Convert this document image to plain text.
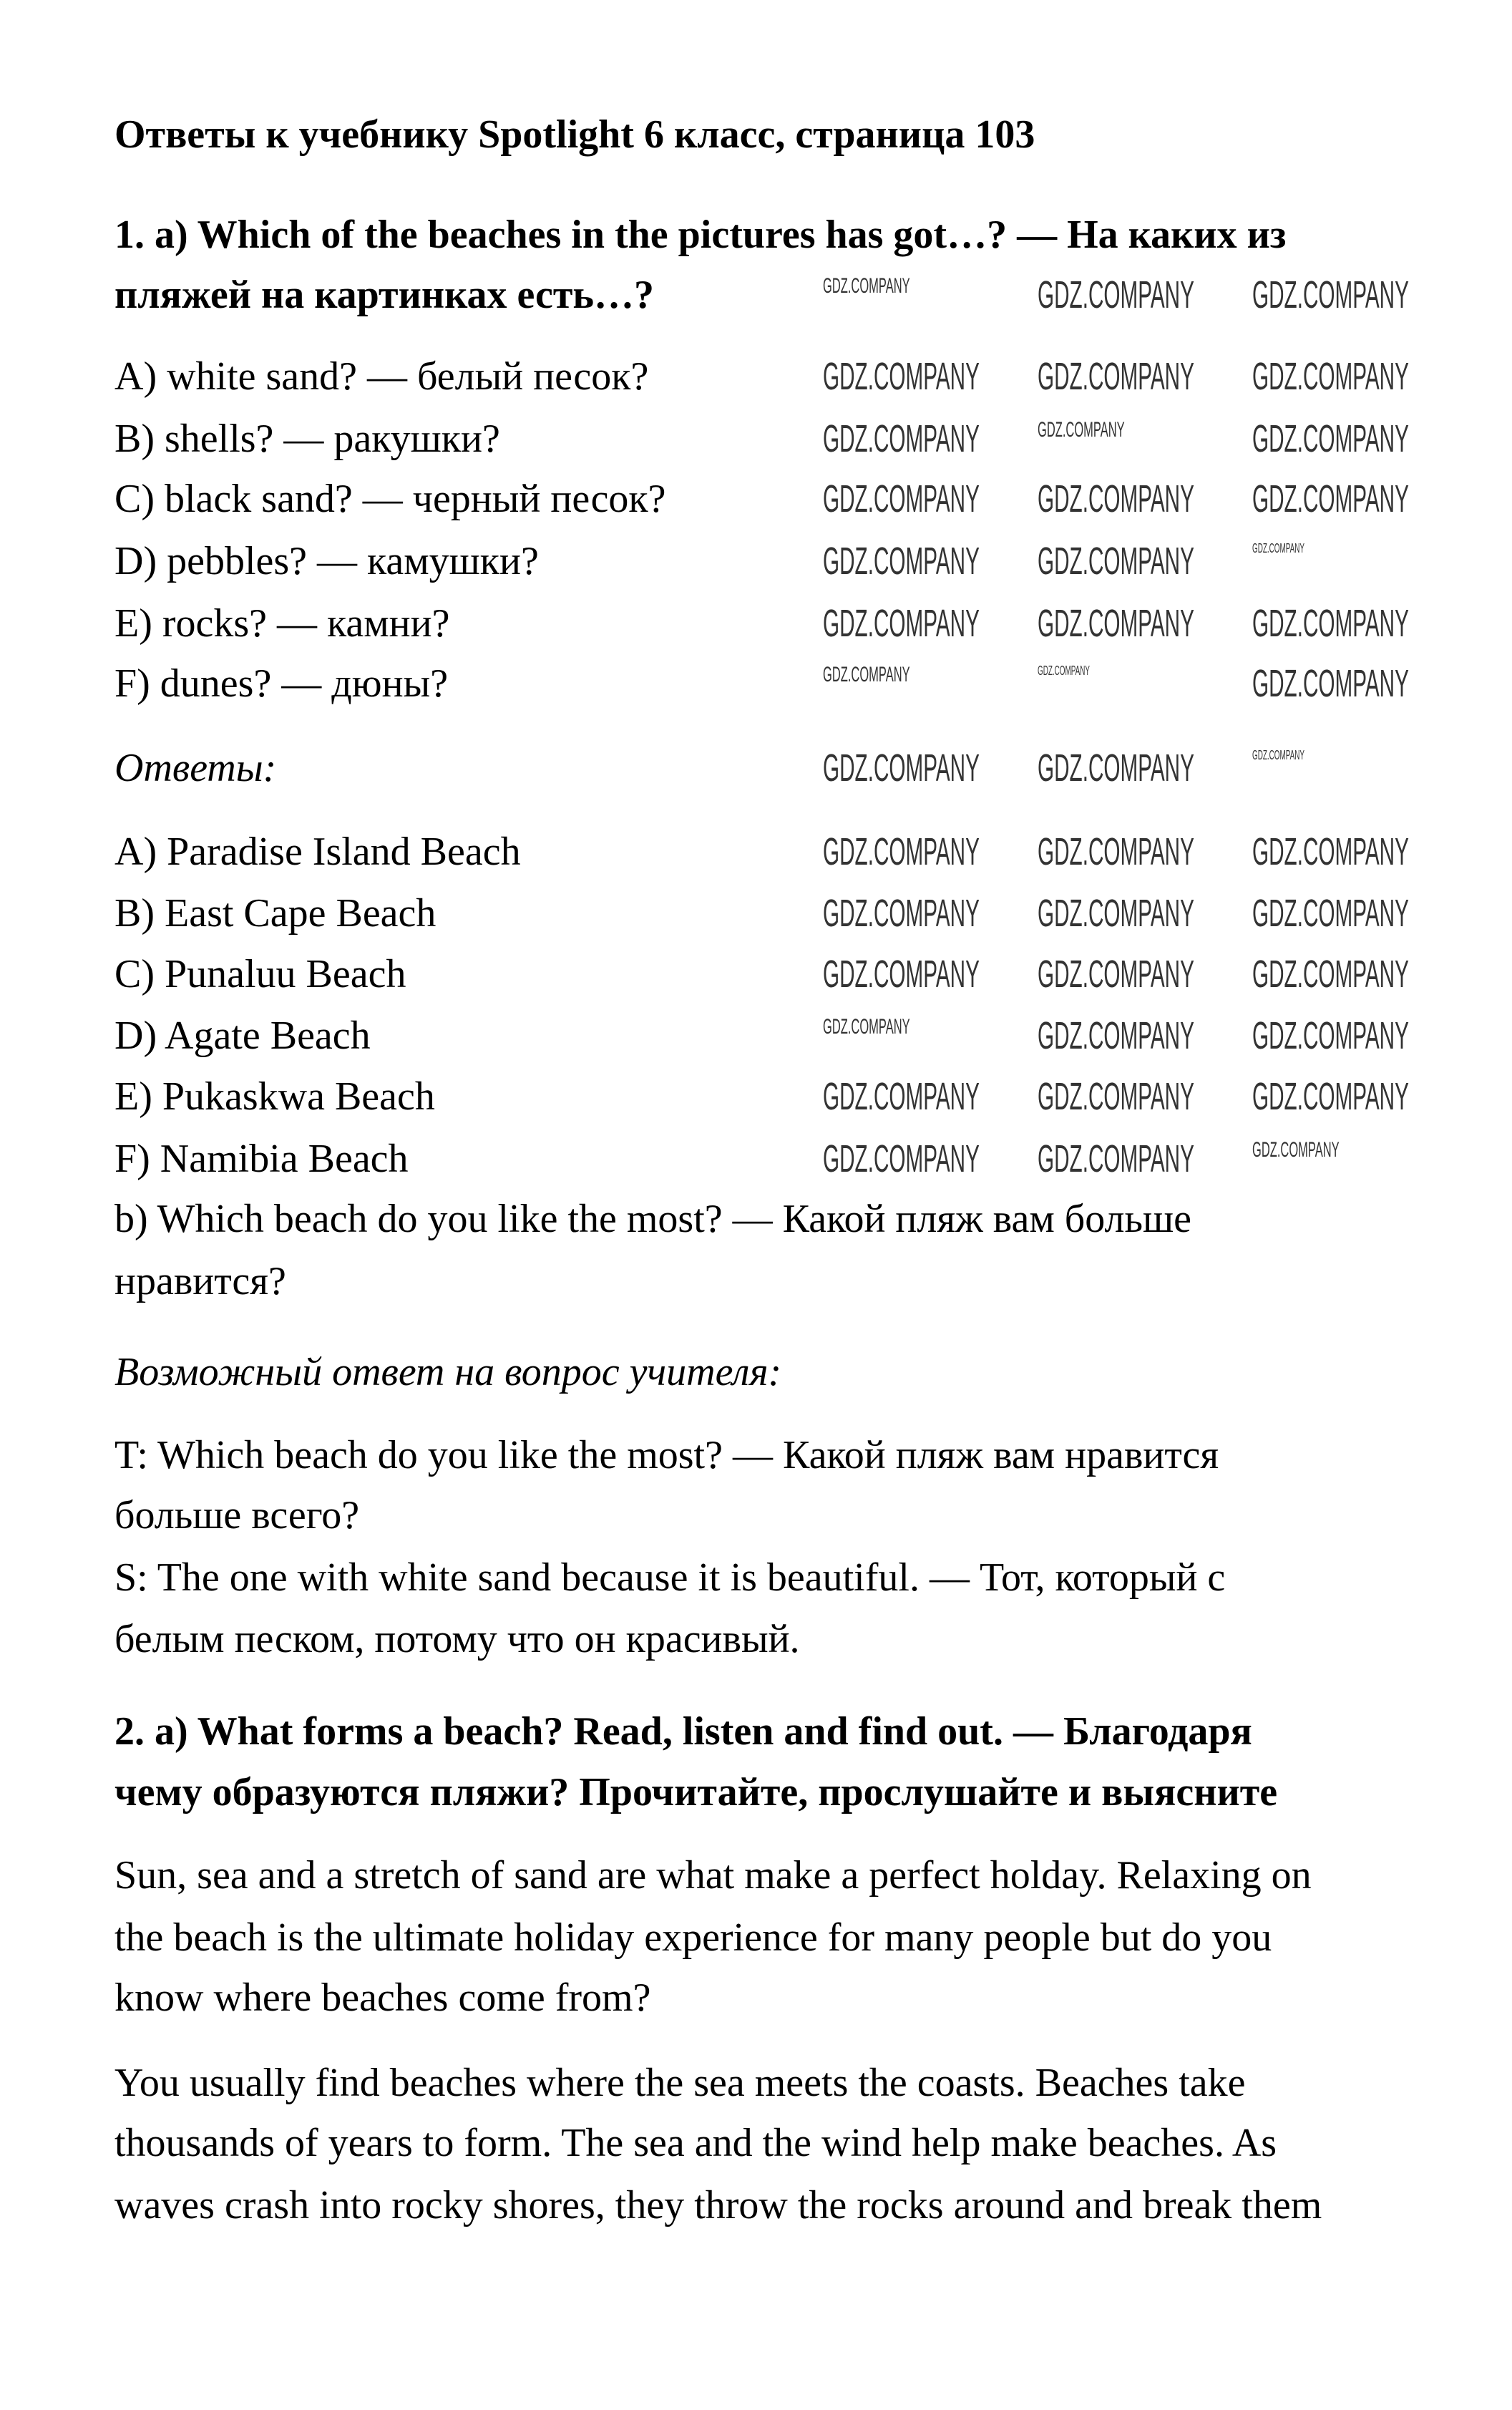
Ответы к учебнику Spotlight 6 класс, страница 103
1. a) Which of the beaches in the pictures has got…? — На каких из
пляжей на картинках есть…?
A) white sand? — белый песок?
B) shells? — ракушки?
C) black sand? — черный песок?
D) pebbles? — камушки?
E) rocks? — камни?
F) dunes? — дюны?
Ответы:
A) Paradise Island Beach
B) East Cape Beach
C) Punaluu Beach
D) Agate Beach
E) Pukaskwa Beach
F) Namibia Beach
b) Which beach do you like the most? — Какой пляж вам больше
нравится?
Возможный ответ на вопрос учителя:
T: Which beach do you like the most? — Какой пляж вам нравится
больше всего?
S: The one with white sand because it is beautiful. — Тот, который с
белым песком, потому что он красивый.
2. a) What forms a beach? Read, listen and find out. — Благодаря
чему образуются пляжи? Прочитайте, прослушайте и выясните
Sun, sea and a stretch of sand are what make a perfect holday. Relaxing on
the beach is the ultimate holiday experience for many people but do you
know where beaches come from?
You usually find beaches where the sea meets the coasts. Beaches take
thousands of years to form. The sea and the wind help make beaches. As
waves crash into rocky shores, they throw the rocks around and break them
GDZ.COMPANY	GDZ.COMPANY	GDZ.COMPANY
GDZ.COMPANY	GDZ.COMPANY	GDZ.COMPANY
GDZ.COMPANY	GDZ.COMPANY	GDZ.COMPANY
GDZ.COMPANY	GDZ.COMPANY	GDZ.COMPANY
GDZ.COMPANY	GDZ.COMPANY	GDZ.COMPANY
GDZ.COMPANY	GDZ.COMPANY	GDZ.COMPANY
GDZ.COMPANY	GDZ.COMPANY	GDZ.COMPANY
GDZ.COMPANY	GDZ.COMPANY	GDZ.COMPANY
GDZ.COMPANY	GDZ.COMPANY	GDZ.COMPANY
GDZ.COMPANY	GDZ.COMPANY	GDZ.COMPANY
GDZ.COMPANY	GDZ.COMPANY	GDZ.COMPANY
GDZ.COMPANY	GDZ.COMPANY	GDZ.COMPANY
GDZ.COMPANY	GDZ.COMPANY	GDZ.COMPANY
GDZ.COMPANY	GDZ.COMPANY	GDZ.COMPANY
